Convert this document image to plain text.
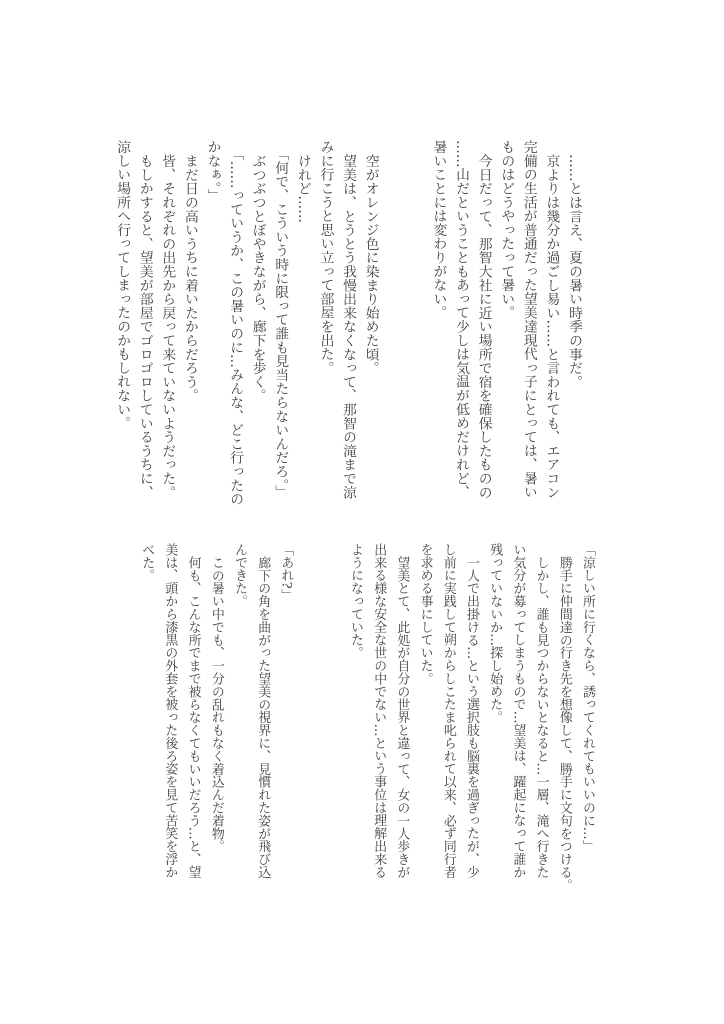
……とは言え、夏の暑い時季の事だ。

京よりは幾分か過ごし易い……と言われても、エアコン

完備の生活が普通だった望美達現代っ子にとっては、暑い

ものはどうやったって暑い。

今日だって、那智大社に近い場所で宿を確保したものの

……山だということもあって少しは気温が低めだけれど、

暑いことには変わりがない。

空がオレンジ色に染まり始めた頃。

望美は、とうとう我慢出来なくなって、那智の滝まで涼

みに行こうと思い立って部屋を出た。

けれど……

「何で、こういう時に限って誰も見当たらないんだろ。」

ぶつぶつとぼやきながら、廊下を歩く。

「……っていうか、この暑いのに…みんな、どこ行ったの

かなぁ。」

まだ日の高いうちに着いたからだろう。

皆、それぞれの出先から戻って来ていないようだった。

もしかすると、望美が部屋でゴロゴロしているうちに、

涼しい場所へ行ってしまったのかもしれない。

「涼しい所に行くなら、誘ってくれてもいいのに…」

勝手に仲間達の行き先を想像して、勝手に文句をつける。

しかし、誰も見つからないとなると…一層、滝へ行きた

い気分が募ってしまうもので…望美は、躍起になって誰か

残っていないか…探し始めた。

一人で出掛ける…という選択肢も脳裏を過ぎったが、少

し前に実践して朔からしこたま叱られて以来、必ず同行者

を求める事にしていた。

望美とて、此処が自分の世界と違って、女の一人歩きが

出来る様な安全な世の中でない…という事位は理解出来る

ようになっていた。

「あれ?」

廊下の角を曲がった望美の視界に、見慣れた姿が飛び込

んできた。

この暑い中でも、一分の乱れもなく着込んだ着物。

何も、こんな所でまで被らなくてもいいだろう…と、望

美は、頭から漆黒の外套を被った後ろ姿を見て苦笑を浮か

べた。
